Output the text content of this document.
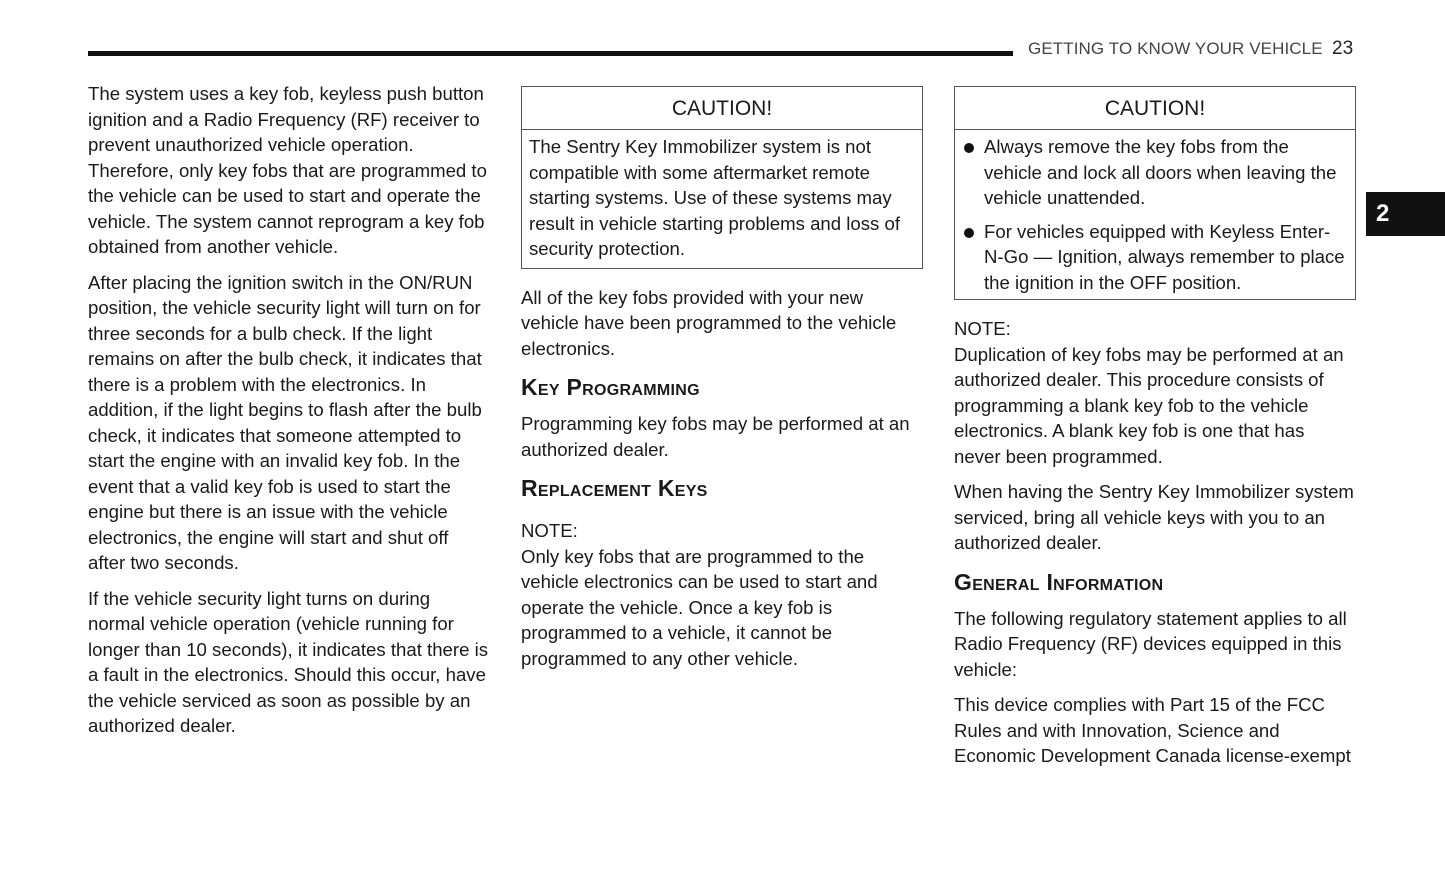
GETTING TO KNOW YOUR VEHICLE 23
2

The system uses a key fob, keyless push button ignition and a Radio Frequency (RF) receiver to prevent unauthorized vehicle operation. Therefore, only key fobs that are programmed to the vehicle can be used to start and operate the vehicle. The system cannot reprogram a key fob obtained from another vehicle.

After placing the ignition switch in the ON/RUN position, the vehicle security light will turn on for three seconds for a bulb check. If the light remains on after the bulb check, it indicates that there is a problem with the electronics. In addition, if the light begins to flash after the bulb check, it indicates that someone attempted to start the engine with an invalid key fob. In the event that a valid key fob is used to start the engine but there is an issue with the vehicle electronics, the engine will start and shut off after two seconds.

If the vehicle security light turns on during normal vehicle operation (vehicle running for longer than 10 seconds), it indicates that there is a fault in the electronics. Should this occur, have the vehicle serviced as soon as possible by an authorized dealer.

CAUTION!

The Sentry Key Immobilizer system is not compatible with some aftermarket remote starting systems. Use of these systems may result in vehicle starting problems and loss of security protection.

All of the key fobs provided with your new vehicle have been programmed to the vehicle electronics.

Key Programming

Programming key fobs may be performed at an authorized dealer.

Replacement Keys
NOTE:

Only key fobs that are programmed to the vehicle electronics can be used to start and operate the vehicle. Once a key fob is programmed to a vehicle, it cannot be programmed to any other vehicle.

CAUTION!
Always remove the key fobs from the vehicle and lock all doors when leaving the vehicle unattended.
For vehicles equipped with Keyless Enter-N-Go — Ignition, always remember to place the ignition in the OFF position.
NOTE:

Duplication of key fobs may be performed at an authorized dealer. This procedure consists of programming a blank key fob to the vehicle electronics. A blank key fob is one that has never been programmed.

When having the Sentry Key Immobilizer system serviced, bring all vehicle keys with you to an authorized dealer.

General Information

The following regulatory statement applies to all Radio Frequency (RF) devices equipped in this vehicle:

This device complies with Part 15 of the FCC Rules and with Innovation, Science and Economic Development Canada license-exempt
